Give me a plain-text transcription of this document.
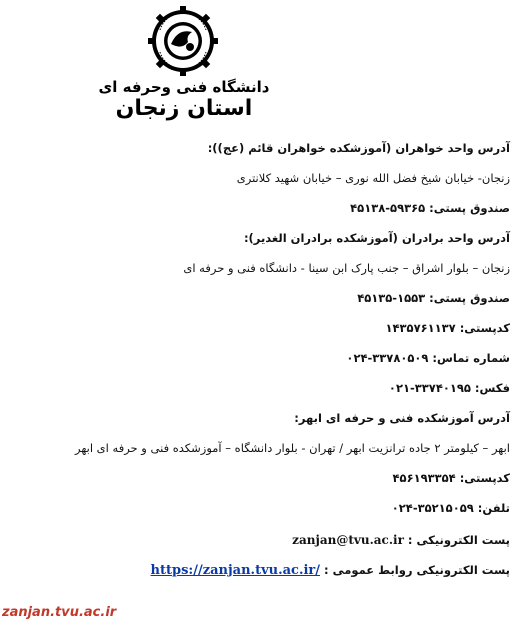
دانشگاه فنی وحرفه ای
استان زنجان

آدرس واحد خواهران (آموزشکده خواهران قائم (عج)):

زنجان- خیابان شیخ فضل الله نوری – خیابان شهید کلانتری

صندوق پستی: ۵۹۳۶۵-۴۵۱۳۸

آدرس واحد برادران (آموزشکده برادران الغدیر):

زنجان – بلوار اشراق – جنب پارک ابن سینا - دانشگاه فنی و حرفه ای

صندوق پستی: ۱۵۵۳-۴۵۱۳۵

کدپستی: ۱۴۳۵۷۶۱۱۳۷

شماره تماس: ۳۳۷۸۰۵۰۹-۰۲۴

فکس: ۳۳۷۴۰۱۹۵-۰۲۱

آدرس آموزشکده فنی و حرفه ای ابهر:

ابهر – کیلومتر ۲ جاده ترانزیت ابهر / تهران - بلوار دانشگاه – آموزشکده فنی و حرفه ای ابهر

کدپستی: ۴۵۶۱۹۳۳۵۴

تلفن: ۳۵۲۱۵۰۵۹-۰۲۴

پست الکترونیکی : zanjan@tvu.ac.ir

پست الکترونیکی روابط عمومی : https://zanjan.tvu.ac.ir/

zanjan.tvu.ac.ir
